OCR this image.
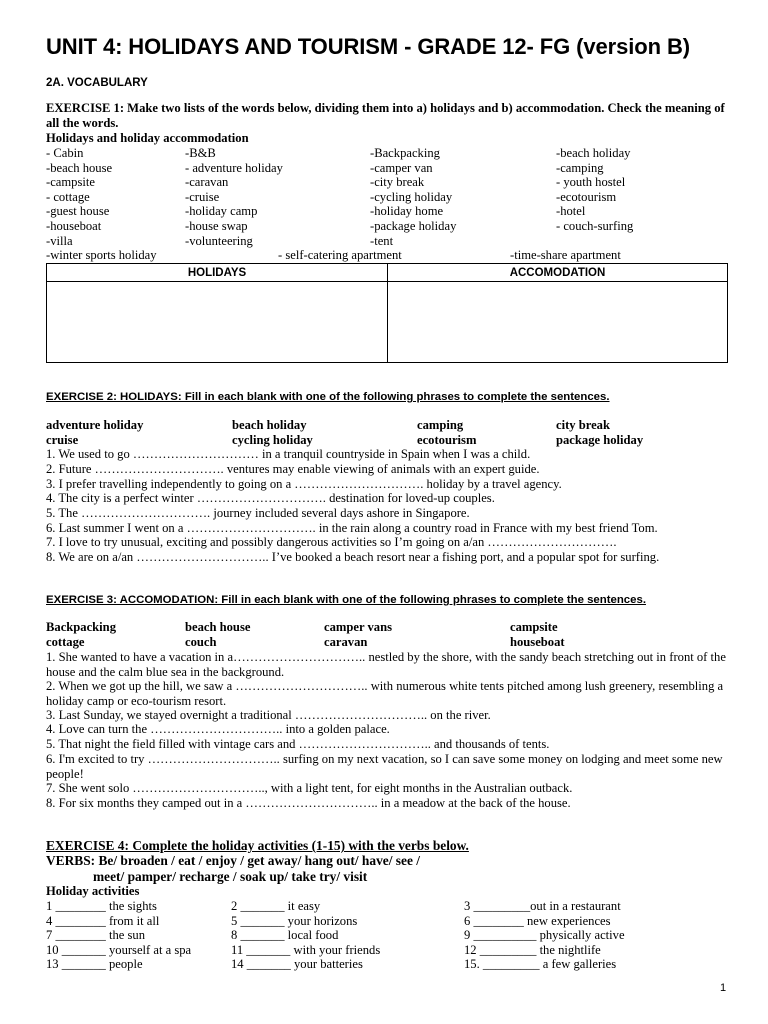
UNIT 4: HOLIDAYS AND TOURISM - GRADE 12- FG (version B)
2A. VOCABULARY
EXERCISE 1: Make two lists of the words below, dividing them into a) holidays and b) accommodation. Check the meaning of all the words.
Holidays and holiday accommodation
- Cabin	-B&B	-Backpacking	-beach holiday
-beach house	- adventure holiday	-camper van	-camping
-campsite	-caravan	-city break	- youth hostel
- cottage	-cruise	-cycling holiday	-ecotourism
-guest house	-holiday camp	-holiday home	-hotel
-houseboat	-house swap	-package holiday	- couch-surfing
-villa	-volunteering	-tent
-winter sports holiday	- self-catering apartment	-time-share apartment
HOLIDAYS	ACCOMODATION

EXERCISE 2: HOLIDAYS: Fill in each blank with one of the following phrases to complete the sentences.
adventure holiday	beach holiday	camping	city break
cruise	cycling holiday	ecotourism	package holiday
1. We used to go ………………………… in a tranquil countryside in Spain when I was a child.
2. Future …………………………. ventures may enable viewing of animals with an expert guide.
3. I prefer travelling independently to going on a …………………………. holiday by a travel agency.
4. The city is a perfect winter …………………………. destination for loved-up couples.
5. The …………………………. journey included several days ashore in Singapore.
6. Last summer I went on a …………………………. in the rain along a country road in France with my best friend Tom.
7. I love to try unusual, exciting and possibly dangerous activities so I’m going on a/an ………………………….
8. We are on a/an ………………………….. I’ve booked a beach resort near a fishing port, and a popular spot for surfing.
EXERCISE 3: ACCOMODATION: Fill in each blank with one of the following phrases to complete the sentences.
Backpacking	beach house	camper vans	campsite
cottage	couch	caravan	houseboat
1. She wanted to have a vacation in a………………………….. nestled by the shore, with the sandy beach stretching out in front of the house and the calm blue sea in the background.
2. When we got up the hill, we saw a ………………………….. with numerous white tents pitched among lush greenery, resembling a holiday camp or eco-tourism resort.
3. Last Sunday, we stayed overnight a traditional ………………………….. on the river.
4. Love can turn the ………………………….. into a golden palace.
5. That night the field filled with vintage cars and ………………………….. and thousands of tents.
6. I'm excited to try ………………………….. surfing on my next vacation, so I can save some money on lodging and meet some new people!
7. She went solo ………………………….., with a light tent, for eight months in the Australian outback.
8. For six months they camped out in a ………………………….. in a meadow at the back of the house.
EXERCISE 4: Complete the holiday activities (1-15) with the verbs below.
VERBS: Be/ broaden / eat / enjoy / get away/ hang out/ have/ see /
meet/ pamper/ recharge / soak up/ take try/ visit
Holiday activities
1 ________ the sights	2 _______ it easy	3 _________out in a restaurant
4 ________ from it all	5 _______ your horizons	6 ________ new experiences
7 ________ the sun	8 _______ local food	9 __________ physically active
10 _______ yourself at a spa	11 _______ with your friends	12 _________ the nightlife
13 _______ people	14 _______ your batteries	15. _________ a few galleries
1
